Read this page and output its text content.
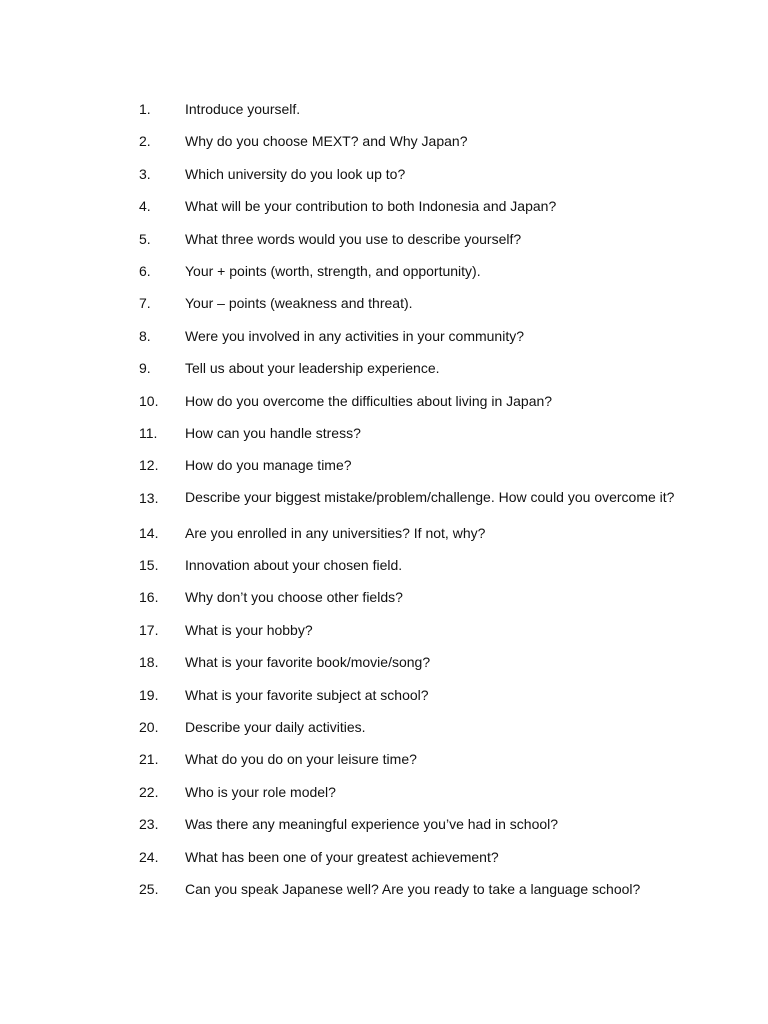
1.	Introduce yourself.
2.	Why do you choose MEXT? and Why Japan?
3.	Which university do you look up to?
4.	What will be your contribution to both Indonesia and Japan?
5.	What three words would you use to describe yourself?
6.	Your + points (worth, strength, and opportunity).
7.	Your – points (weakness and threat).
8.	Were you involved in any activities in your community?
9.	Tell us about your leadership experience.
10.	How do you overcome the difficulties about living in Japan?
11.	How can you handle stress?
12.	How do you manage time?
13.	Describe your biggest mistake/problem/challenge. How could you overcome it?
14.	Are you enrolled in any universities? If not, why?
15.	Innovation about your chosen field.
16.	Why don’t you choose other fields?
17.	What is your hobby?
18.	What is your favorite book/movie/song?
19.	What is your favorite subject at school?
20.	Describe your daily activities.
21.	What do you do on your leisure time?
22.	Who is your role model?
23.	Was there any meaningful experience you’ve had in school?
24.	What has been one of your greatest achievement?
25.	Can you speak Japanese well? Are you ready to take a language school?
